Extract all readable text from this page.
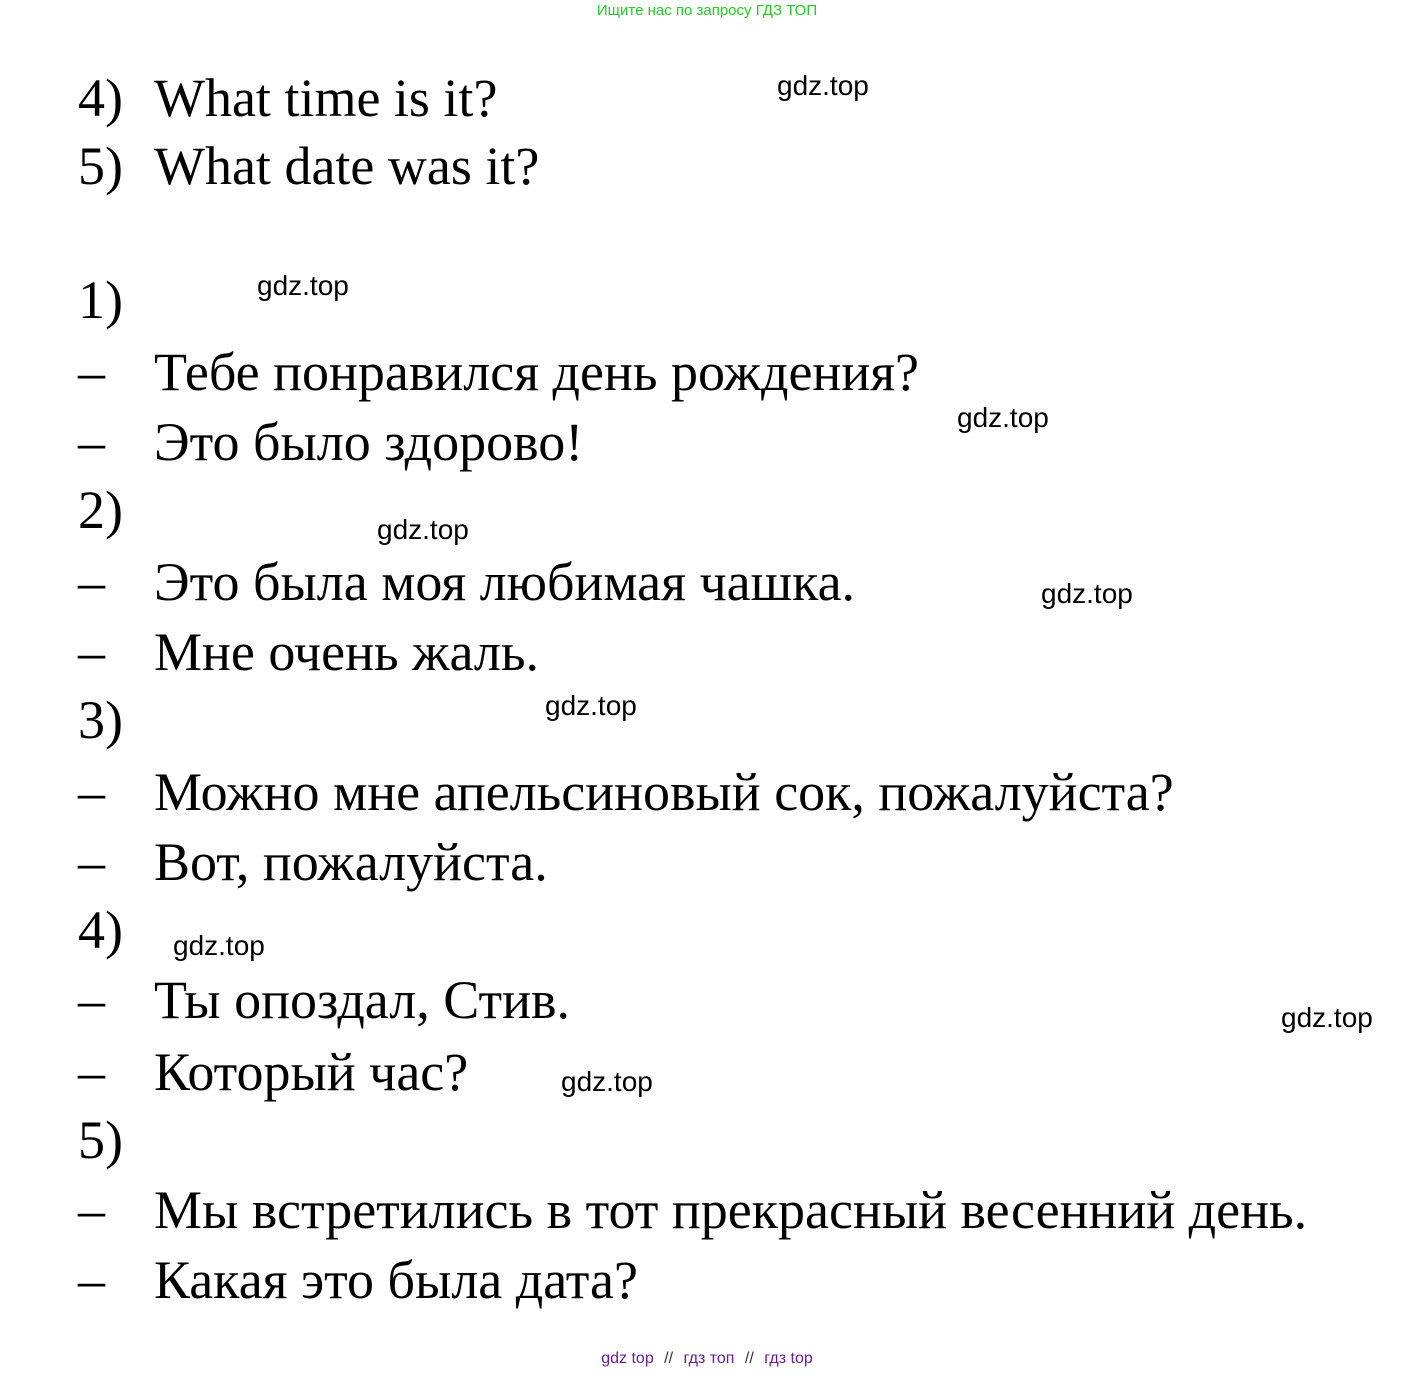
Ищите нас по запросу ГДЗ ТОП
4) What time is it?
5) What date was it?
1)
– Тебе понравился день рождения?
– Это было здорово!
2)
– Это была моя любимая чашка.
– Мне очень жаль.
3)
– Можно мне апельсиновый сок, пожалуйста?
– Вот, пожалуйста.
4)
– Ты опоздал, Стив.
– Который час?
5)
– Мы встретились в тот прекрасный весенний день.
– Какая это была дата?
gdz.top
gdz.top
gdz.top
gdz.top
gdz.top
gdz.top
gdz.top
gdz.top
gdz.top
gdz top // гдз топ // гдз top
